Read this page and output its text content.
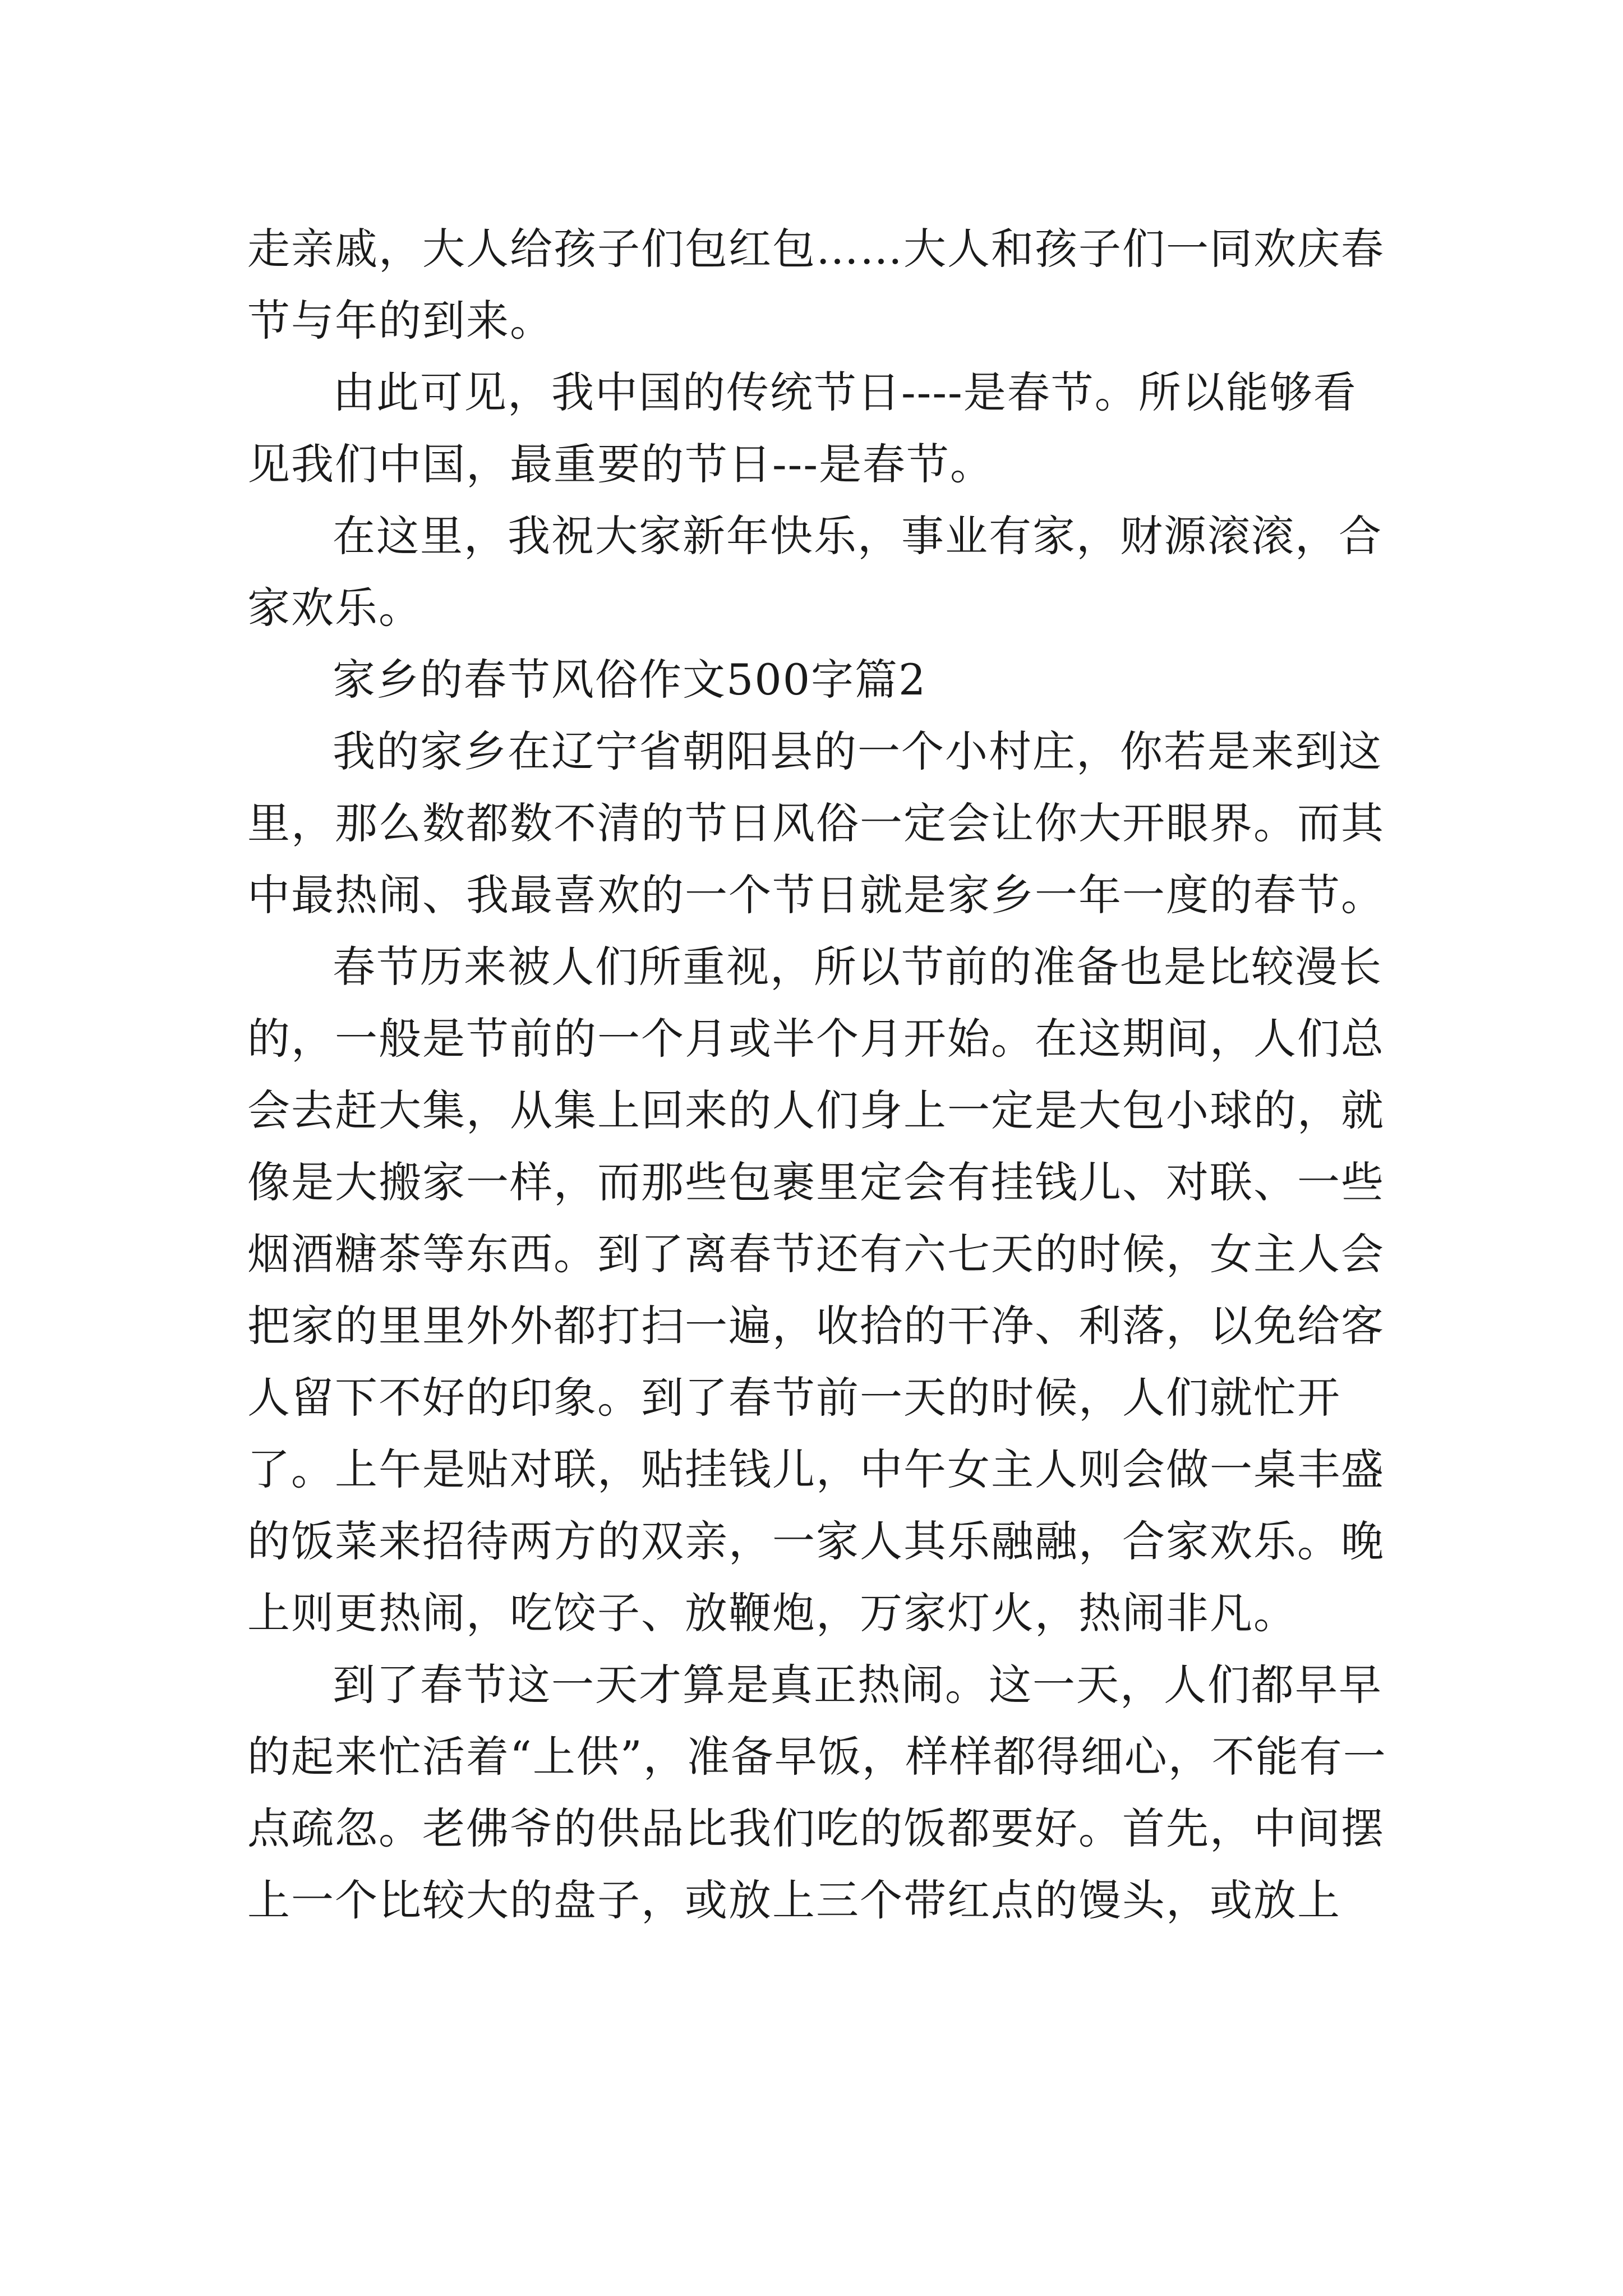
走亲戚，大人给孩子们包红包……大人和孩子们一同欢庆春节与年的到来。

由此可见，我中国的传统节日----是春节。所以能够看见我们中国，最重要的节日---是春节。

在这里，我祝大家新年快乐，事业有家，财源滚滚，合家欢乐。

家乡的春节风俗作文500字篇2

我的家乡在辽宁省朝阳县的一个小村庄，你若是来到这里，那么数都数不清的节日风俗一定会让你大开眼界。而其中最热闹、我最喜欢的一个节日就是家乡一年一度的春节。

春节历来被人们所重视，所以节前的准备也是比较漫长的，一般是节前的一个月或半个月开始。在这期间，人们总会去赶大集，从集上回来的人们身上一定是大包小球的，就像是大搬家一样，而那些包裹里定会有挂钱儿、对联、一些烟酒糖茶等东西。到了离春节还有六七天的时候，女主人会把家的里里外外都打扫一遍，收拾的干净、利落，以免给客人留下不好的印象。到了春节前一天的时候，人们就忙开了。上午是贴对联，贴挂钱儿，中午女主人则会做一桌丰盛的饭菜来招待两方的双亲，一家人其乐融融，合家欢乐。晚上则更热闹，吃饺子、放鞭炮，万家灯火，热闹非凡。

到了春节这一天才算是真正热闹。这一天，人们都早早的起来忙活着“上供”，准备早饭，样样都得细心，不能有一点疏忽。老佛爷的供品比我们吃的饭都要好。首先，中间摆上一个比较大的盘子，或放上三个带红点的馒头，或放上
